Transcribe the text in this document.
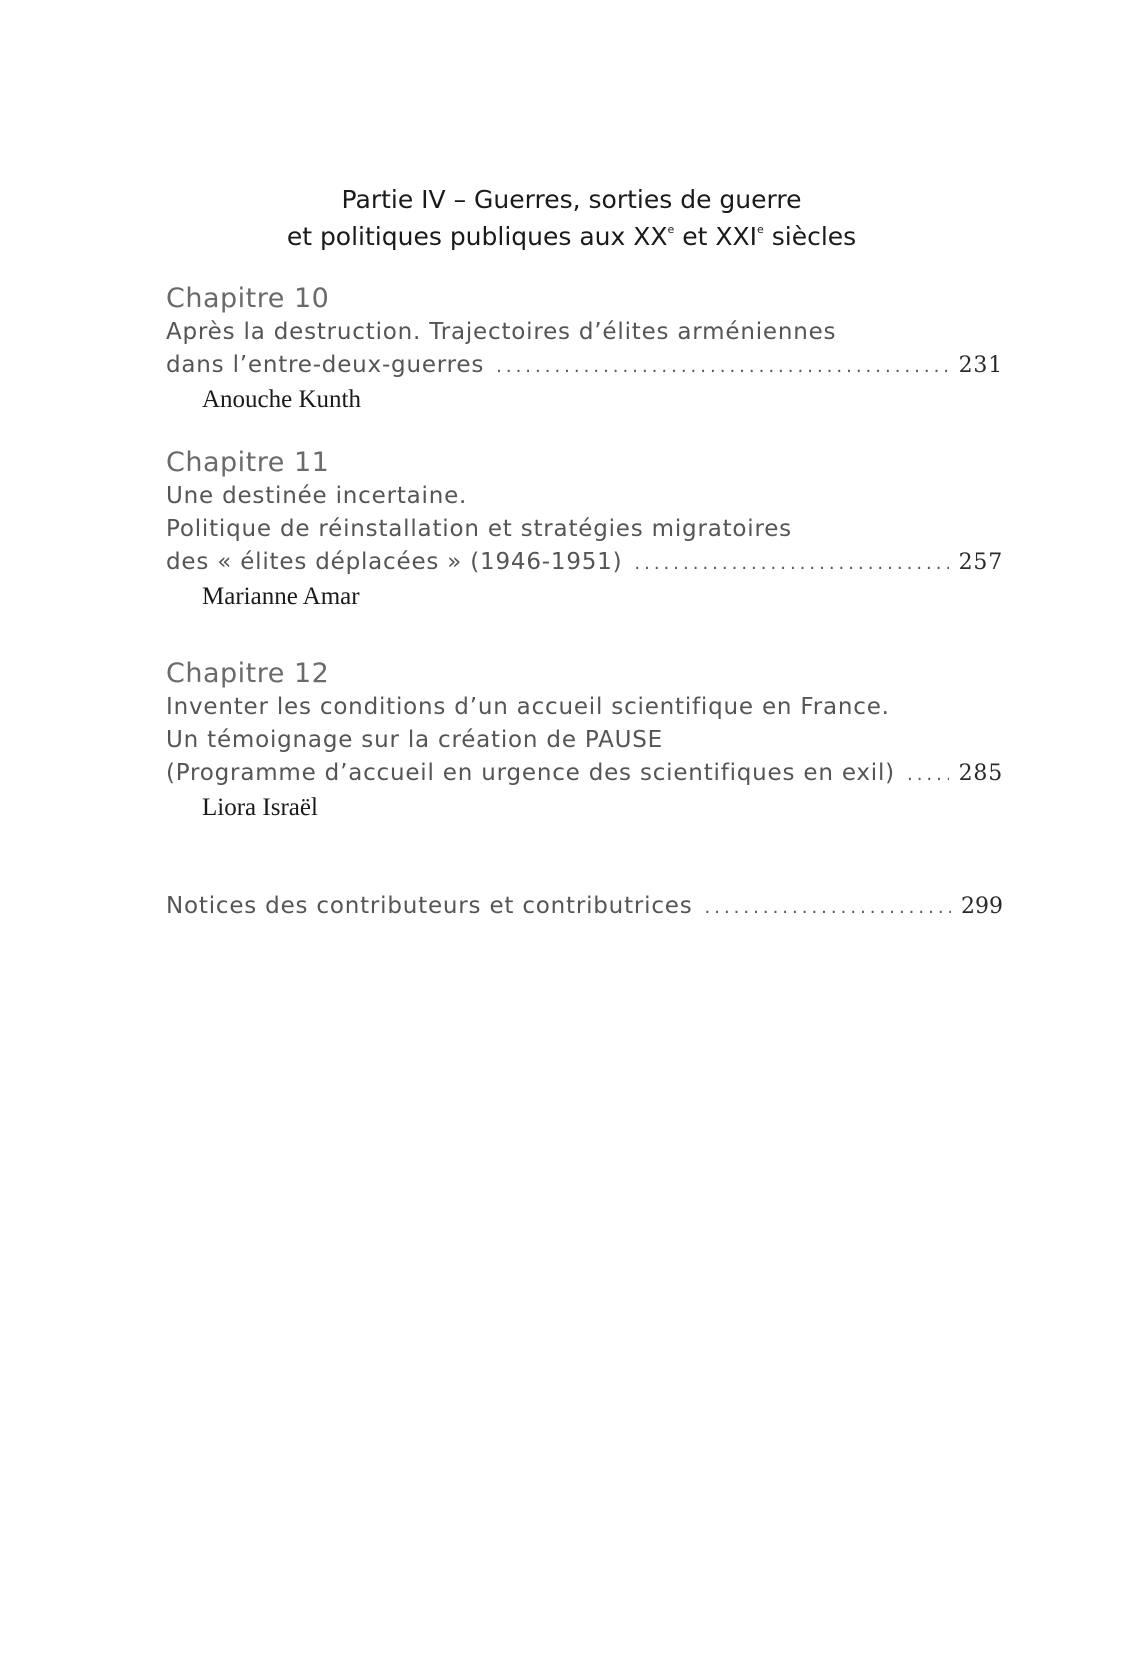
Partie IV – Guerres, sorties de guerre
et politiques publiques aux XXe et XXIe siècles
Chapitre 10
Après la destruction. Trajectoires d’élites arméniennes
dans l’entre-deux-guerres .....	231
Anouche Kunth
Chapitre 11
Une destinée incertaine.
Politique de réinstallation et stratégies migratoires
des « élites déplacées » (1946-1951) .....	257
Marianne Amar
Chapitre 12
Inventer les conditions d’un accueil scientifique en France.
Un témoignage sur la création de PAUSE
(Programme d’accueil en urgence des scientifiques en exil) .....	285
Liora Israël
Notices des contributeurs et contributrices .....	299
